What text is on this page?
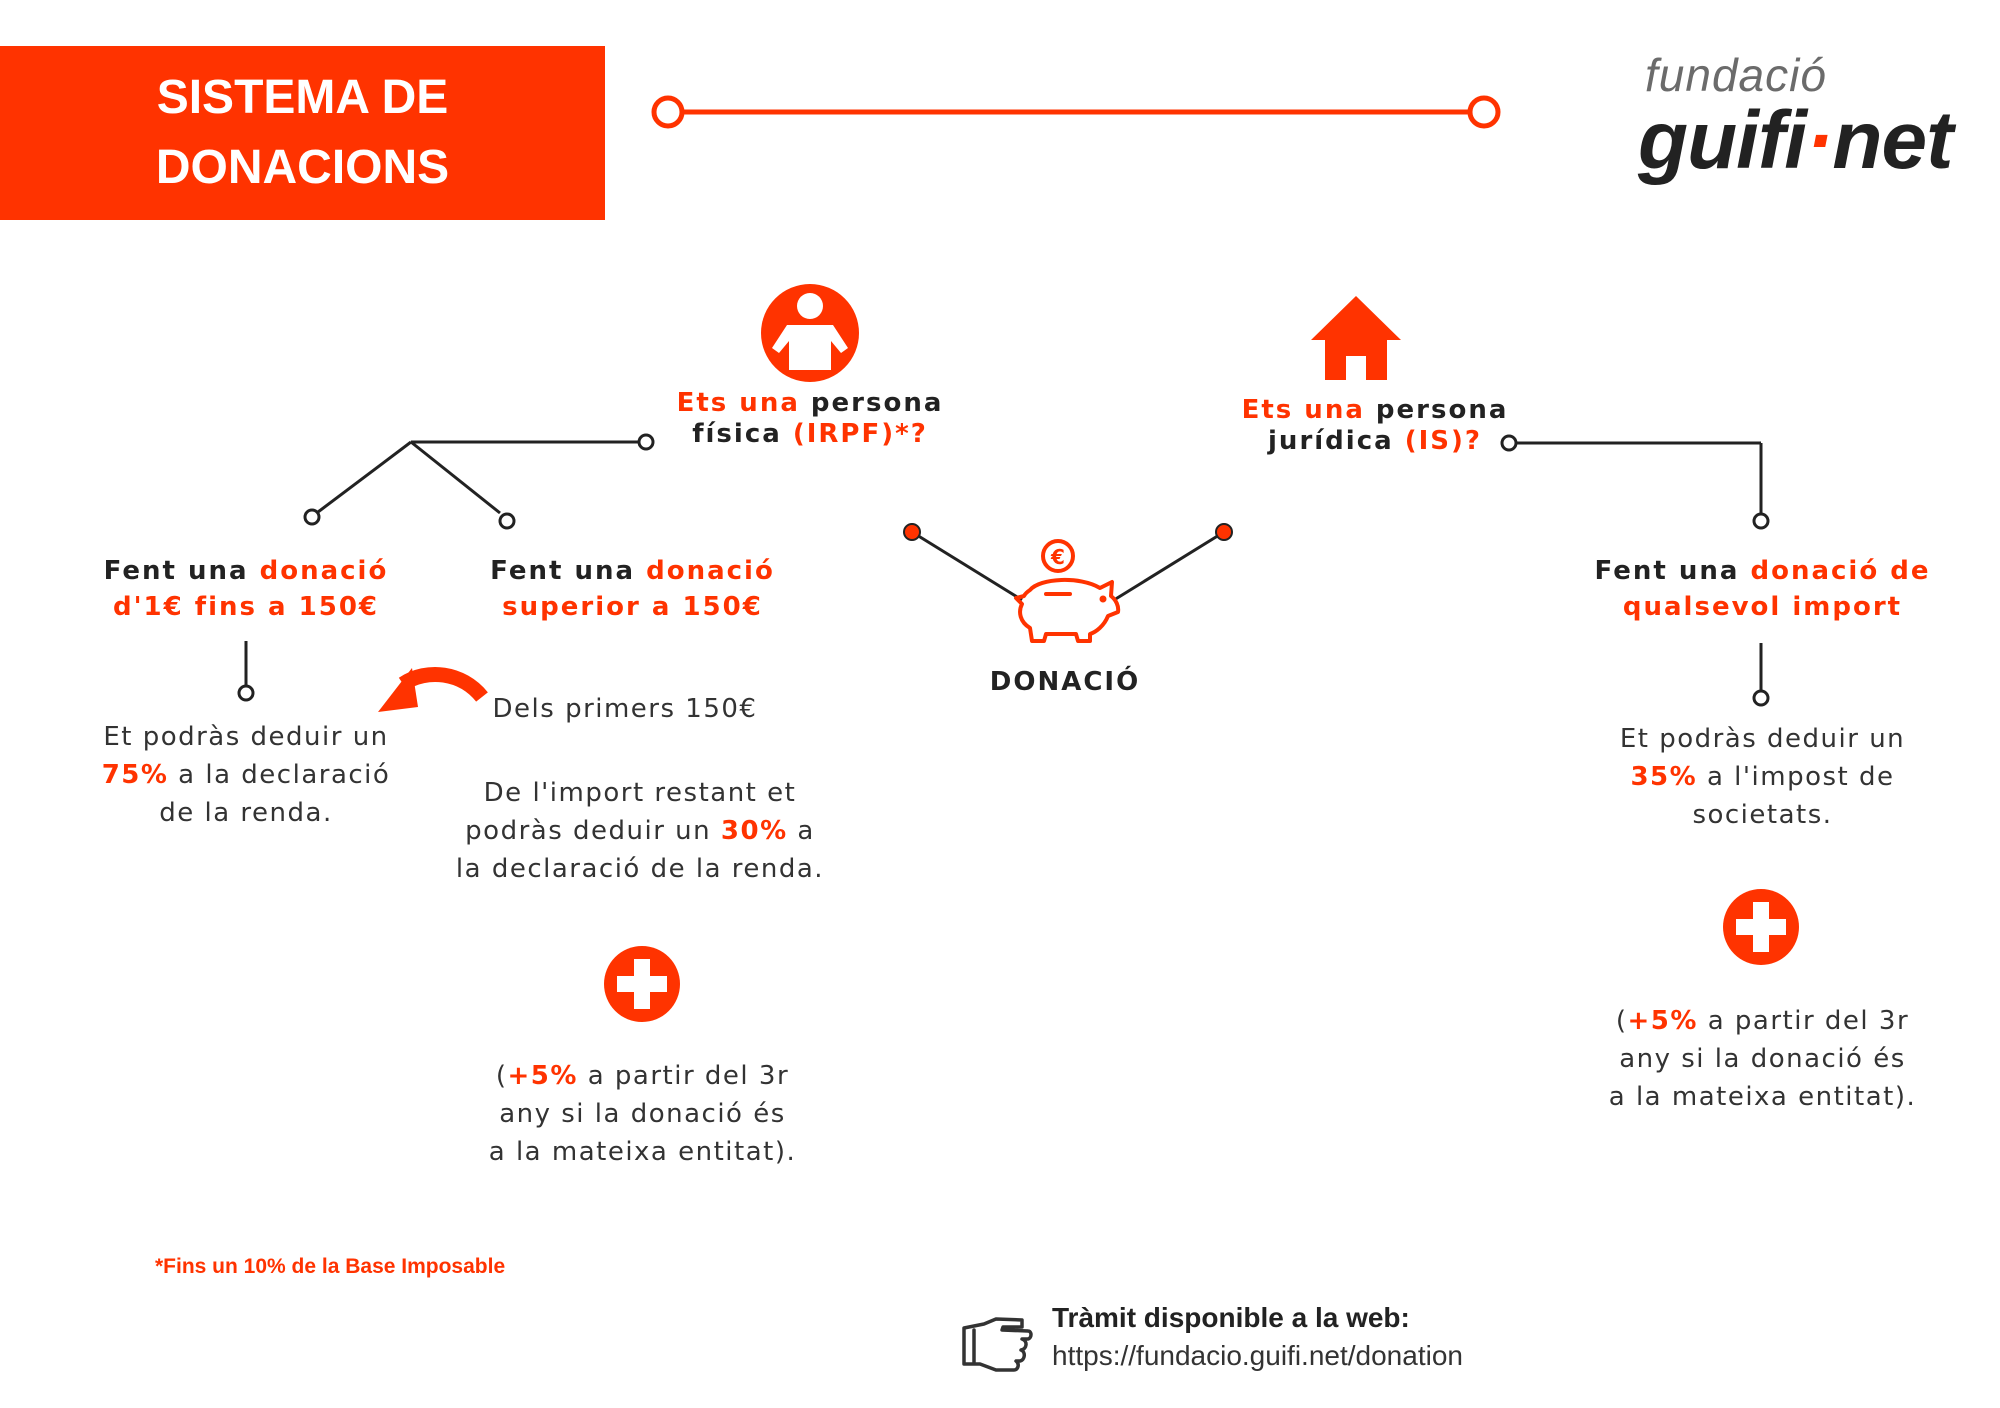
SISTEMA DE
DONACIONS
fundació
guifi·net
€
Ets una persona
física (IRPF)*?
Ets una persona
jurídica (IS)?
Fent una donació
d'1€ fins a 150€
Fent una donació
superior a 150€
Fent una donació de
qualsevol import
DONACIÓ
Et podràs deduir un
75% a la declaració
de la renda.
Dels primers 150€
De l'import restant et
podràs deduir un 30% a
la declaració de la renda.
(+5% a partir del 3r
any si la donació és
a la mateixa entitat).
Et podràs deduir un
35% a l'impost de
societats.
(+5% a partir del 3r
any si la donació és
a la mateixa entitat).
*Fins un 10% de la Base Imposable
Tràmit disponible a la web:
https://fundacio.guifi.net/donation
